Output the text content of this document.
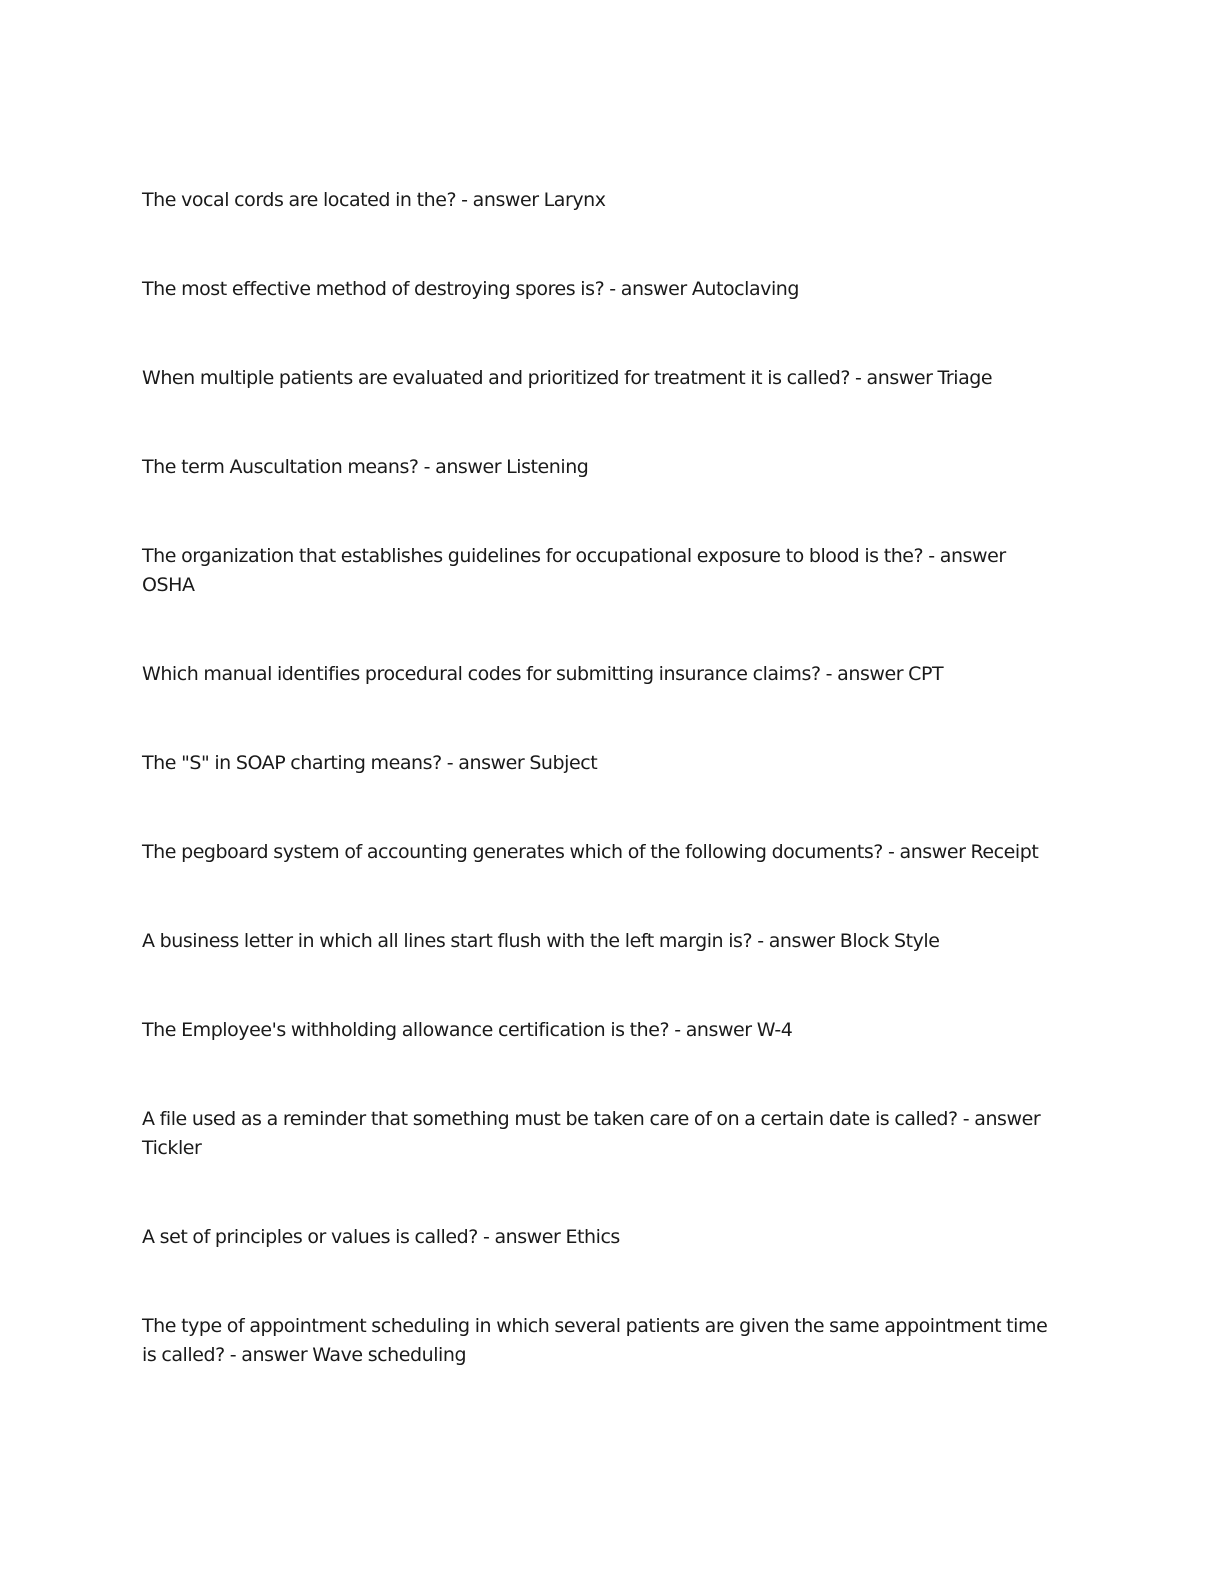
The vocal cords are located in the? - answer Larynx
The most effective method of destroying spores is? - answer Autoclaving
When multiple patients are evaluated and prioritized for treatment it is called? - answer Triage
The term Auscultation means? - answer Listening
The organization that establishes guidelines for occupational exposure to blood is the? - answer OSHA
Which manual identifies procedural codes for submitting insurance claims? - answer CPT
The "S" in SOAP charting means? - answer Subject
The pegboard system of accounting generates which of the following documents? - answer Receipt
A business letter in which all lines start flush with the left margin is? - answer Block Style
The Employee's withholding allowance certification is the? - answer W-4
A file used as a reminder that something must be taken care of on a certain date is called? - answer Tickler
A set of principles or values is called? - answer Ethics
The type of appointment scheduling in which several patients are given the same appointment time is called? - answer Wave scheduling
